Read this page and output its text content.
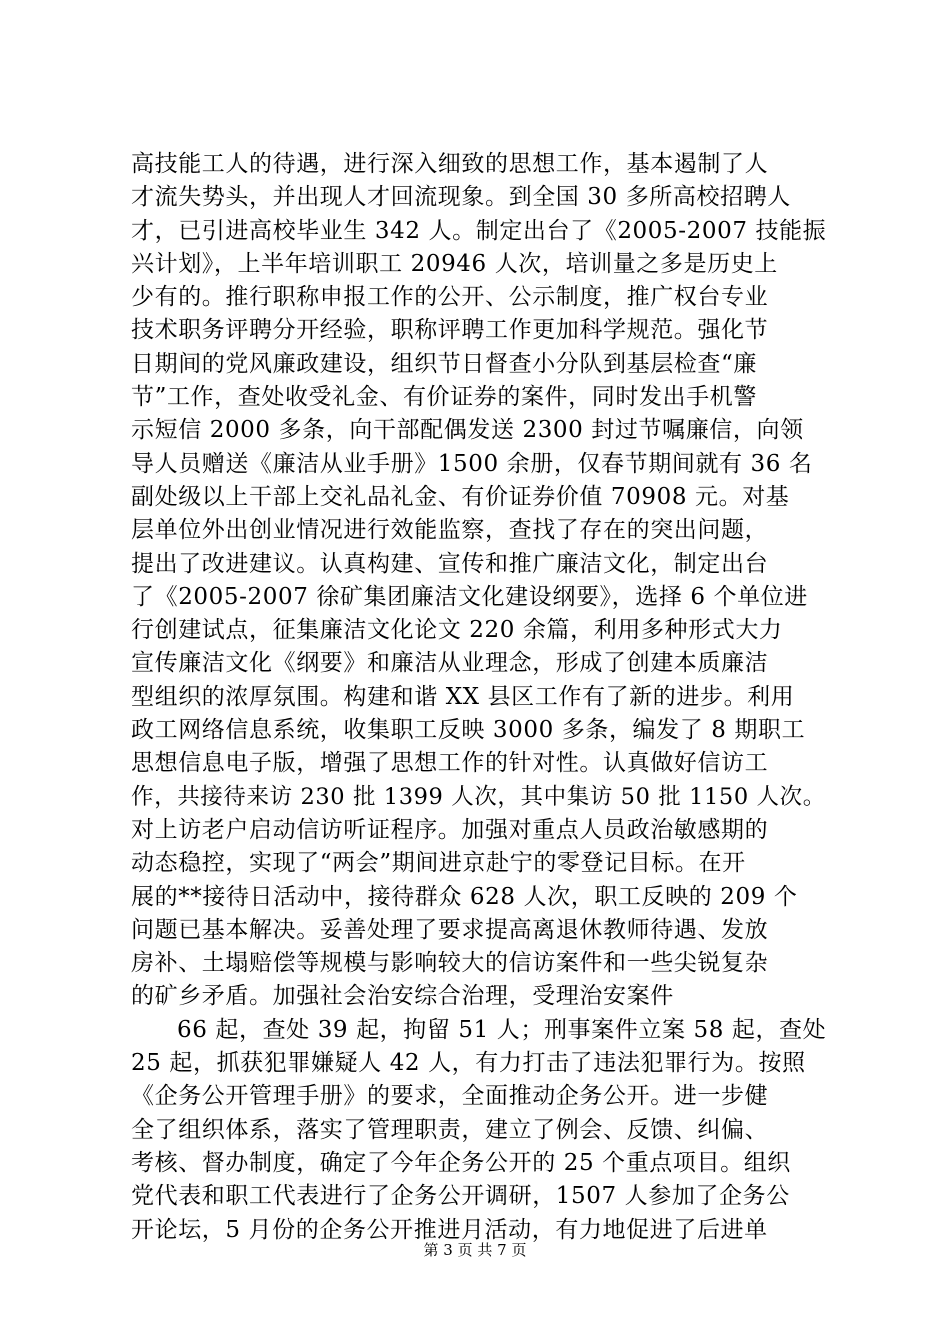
高技能工人的待遇，进行深入细致的思想工作，基本遏制了人
才流失势头，并出现人才回流现象。到全国 30 多所高校招聘人
才，已引进高校毕业生 342 人。制定出台了《2005-2007 技能振
兴计划》，上半年培训职工 20946 人次，培训量之多是历史上
少有的。推行职称申报工作的公开、公示制度，推广权台专业
技术职务评聘分开经验，职称评聘工作更加科学规范。强化节
日期间的党风廉政建设，组织节日督查小分队到基层检查“廉
节”工作，查处收受礼金、有价证券的案件，同时发出手机警
示短信 2000 多条，向干部配偶发送 2300 封过节嘱廉信，向领
导人员赠送《廉洁从业手册》1500 余册，仅春节期间就有 36 名
副处级以上干部上交礼品礼金、有价证券价值 70908 元。对基
层单位外出创业情况进行效能监察，查找了存在的突出问题，
提出了改进建议。认真构建、宣传和推广廉洁文化，制定出台
了《2005-2007 徐矿集团廉洁文化建设纲要》，选择 6 个单位进
行创建试点，征集廉洁文化论文 220 余篇，利用多种形式大力
宣传廉洁文化《纲要》和廉洁从业理念，形成了创建本质廉洁
型组织的浓厚氛围。构建和谐 XX 县区工作有了新的进步。利用
政工网络信息系统，收集职工反映 3000 多条，编发了 8 期职工
思想信息电子版，增强了思想工作的针对性。认真做好信访工
作，共接待来访 230 批 1399 人次，其中集访 50 批 1150 人次。
对上访老户启动信访听证程序。加强对重点人员政治敏感期的
动态稳控，实现了“两会”期间进京赴宁的零登记目标。在开
展的**接待日活动中，接待群众 628 人次，职工反映的 209 个
问题已基本解决。妥善处理了要求提高离退休教师待遇、发放
房补、土塌赔偿等规模与影响较大的信访案件和一些尖锐复杂
的矿乡矛盾。加强社会治安综合治理，受理治安案件
66 起，查处 39 起，拘留 51 人；刑事案件立案 58 起，查处
25 起，抓获犯罪嫌疑人 42 人，有力打击了违法犯罪行为。按照
《企务公开管理手册》的要求，全面推动企务公开。进一步健
全了组织体系，落实了管理职责，建立了例会、反馈、纠偏、
考核、督办制度，确定了今年企务公开的 25 个重点项目。组织
党代表和职工代表进行了企务公开调研，1507 人参加了企务公
开论坛，5 月份的企务公开推进月活动，有力地促进了后进单
第 3 页 共 7 页
